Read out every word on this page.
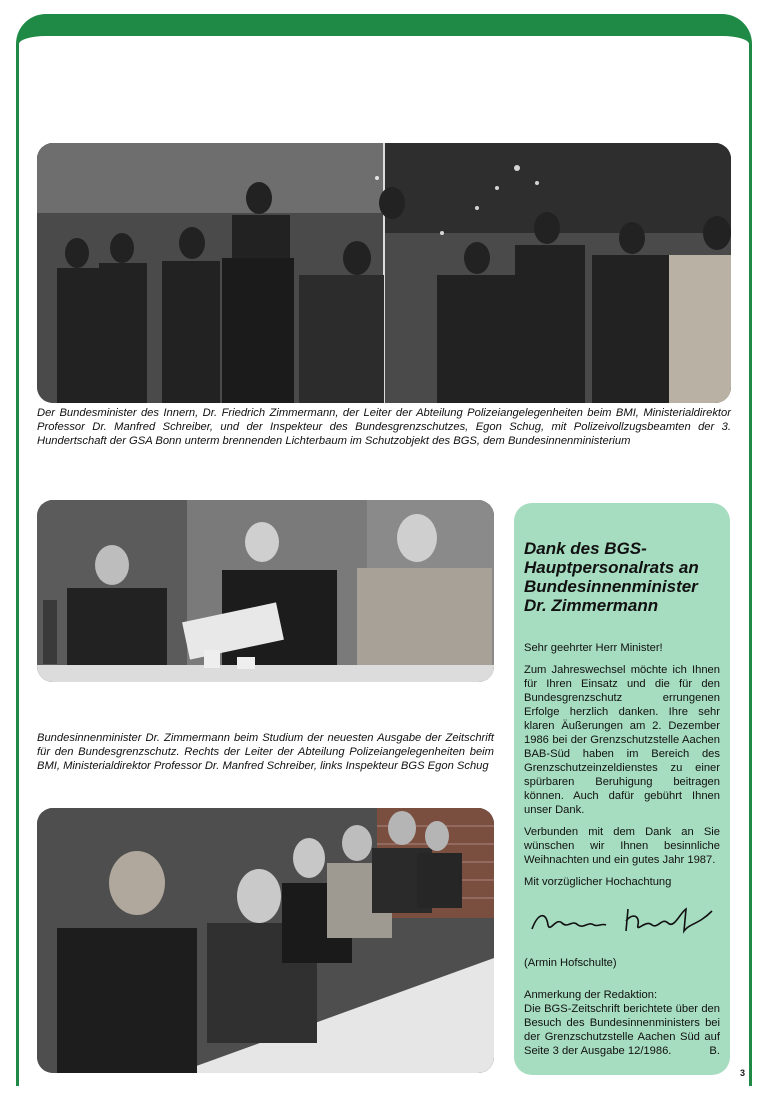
Der Bundesminister des Innern, Dr. Friedrich Zimmermann, der Leiter der Abteilung Polizeiangelegenheiten beim BMI, Ministerialdirektor Professor Dr. Manfred Schreiber, und der Inspekteur des Bundesgrenzschutzes, Egon Schug, mit Polizeivollzugsbeamten der 3. Hundertschaft der GSA Bonn unterm brennenden Lichterbaum im Schutzobjekt des BGS, dem Bundesinnenministerium
Bundesinnenminister Dr. Zimmermann beim Studium der neuesten Ausgabe der Zeitschrift für den Bundesgrenzschutz. Rechts der Leiter der Abteilung Polizeiangelegenheiten beim BMI, Ministerialdirektor Professor Dr. Manfred Schreiber, links Inspekteur BGS Egon Schug
Dank des BGS-Hauptpersonalrats an Bundesinnenminister Dr. Zimmermann

Sehr geehrter Herr Minister!

Zum Jahreswechsel möchte ich Ihnen für Ihren Einsatz und die für den Bundesgrenzschutz errungenen Erfolge herzlich danken. Ihre sehr klaren Äußerungen am 2. Dezember 1986 bei der Grenzschutzstelle Aachen BAB-Süd haben im Bereich des Grenzschutzeinzeldienstes zu einer spürbaren Beruhigung beitragen können. Auch dafür gebührt Ihnen unser Dank.

Verbunden mit dem Dank an Sie wünschen wir Ihnen besinnliche Weihnachten und ein gutes Jahr 1987.

Mit vorzüglicher Hochachtung

(Armin Hofschulte)

Anmerkung der Redaktion:
Die BGS-Zeitschrift berichtete über den Besuch des Bundesinnenministers bei der Grenzschutzstelle Aachen Süd auf Seite 3 der Ausgabe 12/1986.	B.

3
